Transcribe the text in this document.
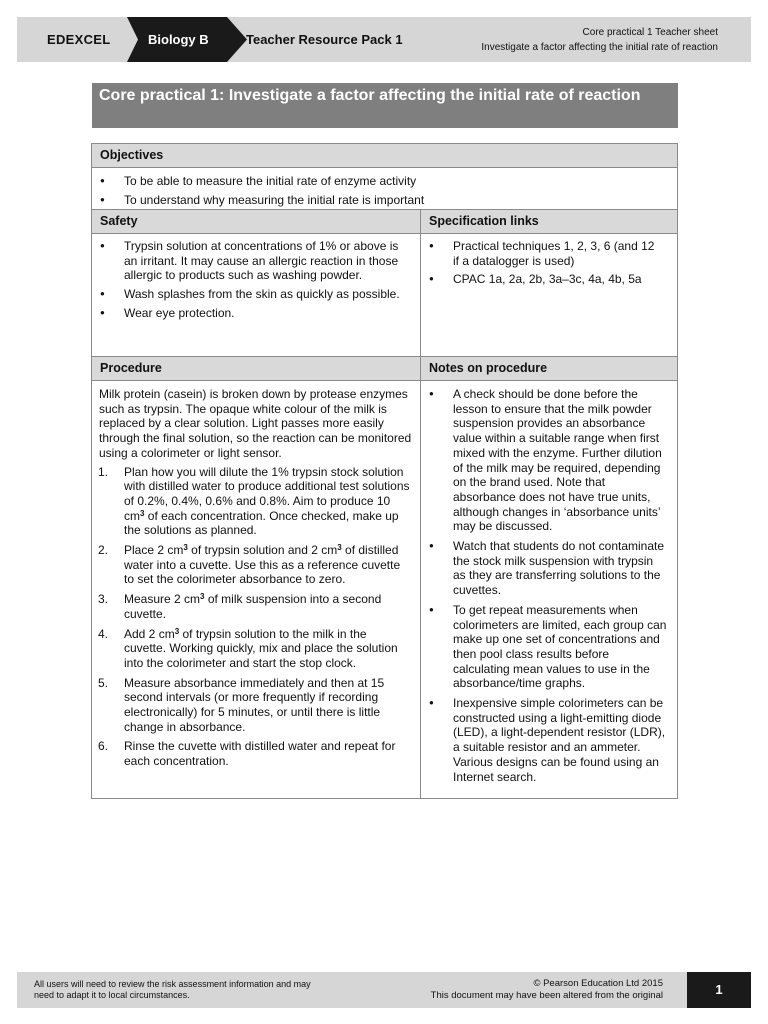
EDEXCEL	Biology B	Teacher Resource Pack 1	Core practical 1 Teacher sheet
Investigate a factor affecting the initial rate of reaction
Core practical 1: Investigate a factor affecting the initial rate of reaction
Objectives
● To be able to measure the initial rate of enzyme activity
● To understand why measuring the initial rate is important
Safety	Specification links
● Trypsin solution at concentrations of 1% or above is an irritant. It may cause an allergic reaction in those allergic to products such as washing powder.
● Wash splashes from the skin as quickly as possible.
● Wear eye protection.
● Practical techniques 1, 2, 3, 6 (and 12 if a datalogger is used)
● CPAC 1a, 2a, 2b, 3a–3c, 4a, 4b, 5a
Procedure	Notes on procedure

Milk protein (casein) is broken down by protease enzymes such as trypsin. The opaque white colour of the milk is replaced by a clear solution. Light passes more easily through the final solution, so the reaction can be monitored using a colorimeter or light sensor.

1. Plan how you will dilute the 1% trypsin stock solution with distilled water to produce additional test solutions of 0.2%, 0.4%, 0.6% and 0.8%. Aim to produce 10 $cm^3$ of each concentration. Once checked, make up the solutions as planned.
2. Place 2 $cm^3$ of trypsin solution and 2 $cm^3$ of distilled water into a cuvette. Use this as a reference cuvette to set the colorimeter absorbance to zero.
3. Measure 2 $cm^3$ of milk suspension into a second cuvette.
4. Add 2 $cm^3$ of trypsin solution to the milk in the cuvette. Working quickly, mix and place the solution into the colorimeter and start the stop clock.
5. Measure absorbance immediately and then at 15 second intervals (or more frequently if recording electronically) for 5 minutes, or until there is little change in absorbance.
6. Rinse the cuvette with distilled water and repeat for each concentration.
● A check should be done before the lesson to ensure that the milk powder suspension provides an absorbance value within a suitable range when first mixed with the enzyme. Further dilution of the milk may be required, depending on the brand used. Note that absorbance does not have true units, although changes in ‘absorbance units’ may be discussed.
● Watch that students do not contaminate the stock milk suspension with trypsin as they are transferring solutions to the cuvettes.
● To get repeat measurements when colorimeters are limited, each group can make up one set of concentrations and then pool class results before calculating mean values to use in the absorbance/time graphs.
● Inexpensive simple colorimeters can be constructed using a light-emitting diode (LED), a light-dependent resistor (LDR), a suitable resistor and an ammeter. Various designs can be found using an Internet search.
All users will need to review the risk assessment information and may
need to adapt it to local circumstances.
© Pearson Education Ltd 2015
This document may have been altered from the original	1
